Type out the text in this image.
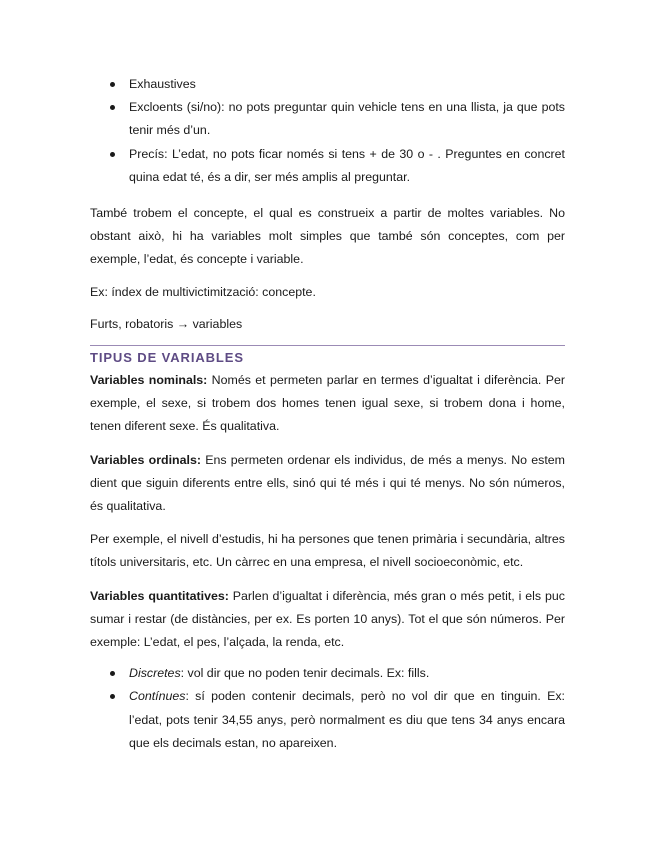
Exhaustives
Excloents (si/no): no pots preguntar quin vehicle tens en una llista, ja que pots tenir més d’un.
Precís: L’edat, no pots ficar només si tens + de 30 o - . Preguntes en concret quina edat té, és a dir, ser més amplis al preguntar.

També trobem el concepte, el qual es construeix a partir de moltes variables. No obstant això, hi ha variables molt simples que també són conceptes, com per exemple, l’edat, és concepte i variable.

Ex: índex de multivictimització: concepte.

Furts, robatoris → variables

TIPUS DE VARIABLES

Variables nominals: Només et permeten parlar en termes d’igualtat i diferència. Per exemple, el sexe, si trobem dos homes tenen igual sexe, si trobem dona i home, tenen diferent sexe. És qualitativa.

Variables ordinals: Ens permeten ordenar els individus, de més a menys. No estem dient que siguin diferents entre ells, sinó qui té més i qui té menys. No són números, és qualitativa.

Per exemple, el nivell d’estudis, hi ha persones que tenen primària i secundària, altres títols universitaris, etc. Un càrrec en una empresa, el nivell socioeconòmic, etc.

Variables quantitatives: Parlen d’igualtat i diferència, més gran o més petit, i els puc sumar i restar (de distàncies, per ex. Es porten 10 anys). Tot el que són números. Per exemple: L’edat, el pes, l’alçada, la renda, etc.

Discretes: vol dir que no poden tenir decimals. Ex: fills.
Contínues: sí poden contenir decimals, però no vol dir que en tinguin. Ex: l’edat, pots tenir 34,55 anys, però normalment es diu que tens 34 anys encara que els decimals estan, no apareixen.
